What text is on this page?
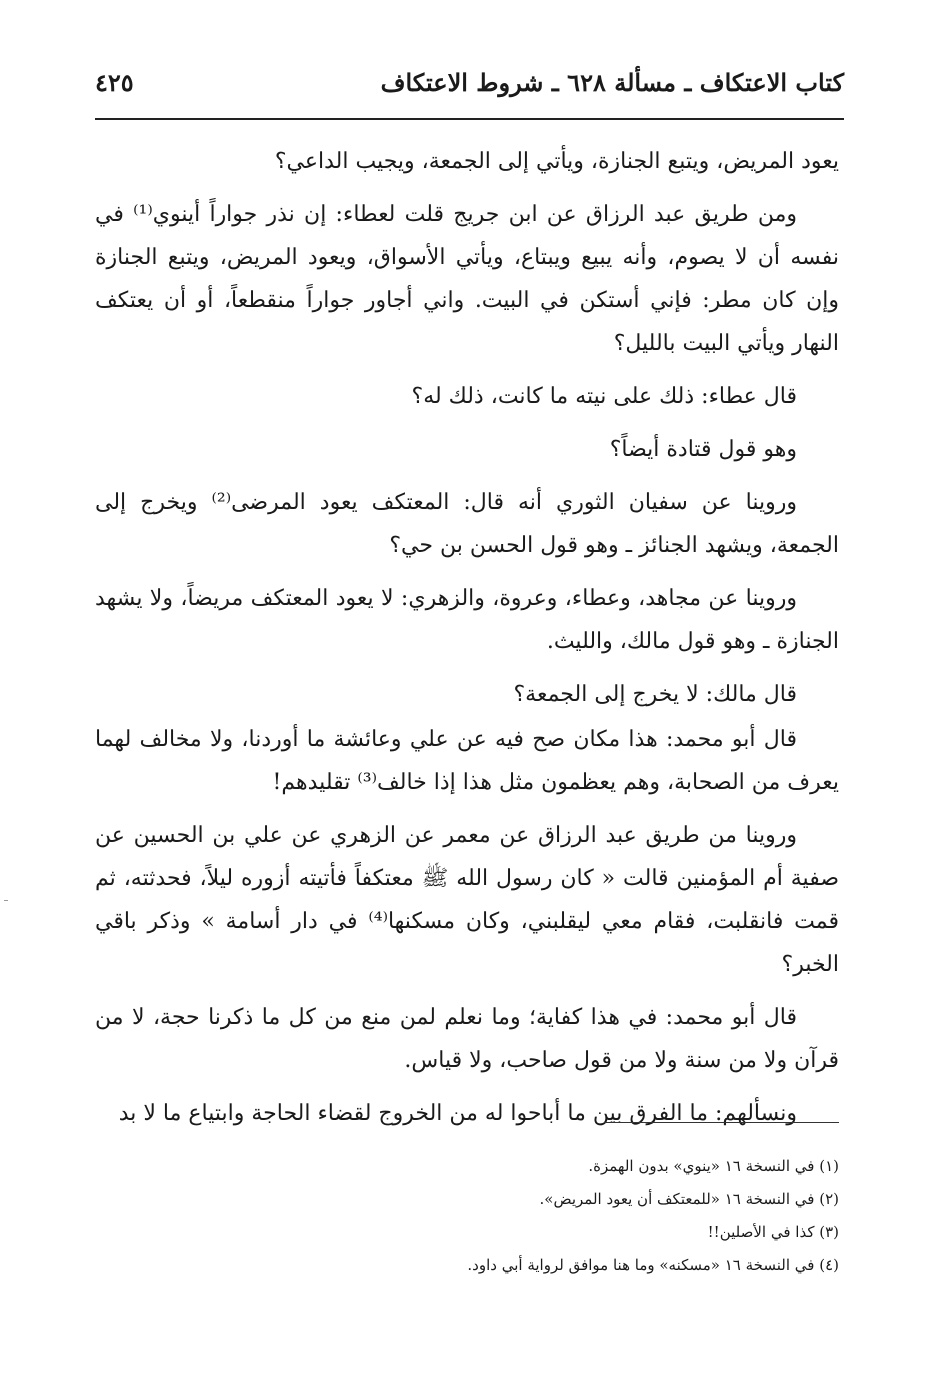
كتاب الاعتكاف ـ مسألة ٦٢٨ ـ شروط الاعتكاف
٤٢٥

يعود المريض، ويتبع الجنازة، ويأتي إلى الجمعة، ويجيب الداعي؟

ومن طريق عبد الرزاق عن ابن جريج قلت لعطاء: إن نذر جواراً أينوي⁽¹⁾ في نفسه أن لا يصوم، وأنه يبيع ويبتاع، ويأتي الأسواق، ويعود المريض، ويتبع الجنازة وإن كان مطر: فإني أستكن في البيت. واني أجاور جواراً منقطعاً، أو أن يعتكف النهار ويأتي البيت بالليل؟

قال عطاء: ذلك على نيته ما كانت، ذلك له؟

وهو قول قتادة أيضاً؟

وروينا عن سفيان الثوري أنه قال: المعتكف يعود المرضى⁽²⁾ ويخرج إلى الجمعة، ويشهد الجنائز ـ وهو قول الحسن بن حي؟

وروينا عن مجاهد، وعطاء، وعروة، والزهري: لا يعود المعتكف مريضاً، ولا يشهد الجنازة ـ وهو قول مالك، والليث.

قال مالك: لا يخرج إلى الجمعة؟

قال أبو محمد: هذا مكان صح فيه عن علي وعائشة ما أوردنا، ولا مخالف لهما يعرف من الصحابة، وهم يعظمون مثل هذا إذا خالف⁽³⁾ تقليدهم!

وروينا من طريق عبد الرزاق عن معمر عن الزهري عن علي بن الحسين عن صفية أم المؤمنين قالت « كان رسول الله ﷺ معتكفاً فأتيته أزوره ليلاً، فحدثته، ثم قمت فانقلبت، فقام معي ليقلبني، وكان مسكنها⁽⁴⁾ في دار أسامة » وذكر باقي الخبر؟

قال أبو محمد: في هذا كفاية؛ وما نعلم لمن منع من كل ما ذكرنا حجة، لا من قرآن ولا من سنة ولا من قول صاحب، ولا قياس.

ونسألهم: ما الفرق بين ما أباحوا له من الخروج لقضاء الحاجة وابتياع ما لا بد

(١) في النسخة ١٦ «ينوي» بدون الهمزة.
(٢) في النسخة ١٦ «للمعتكف أن يعود المريض».
(٣) كذا في الأصلين!!
(٤) في النسخة ١٦ «مسكنه» وما هنا موافق لرواية أبي داود.
